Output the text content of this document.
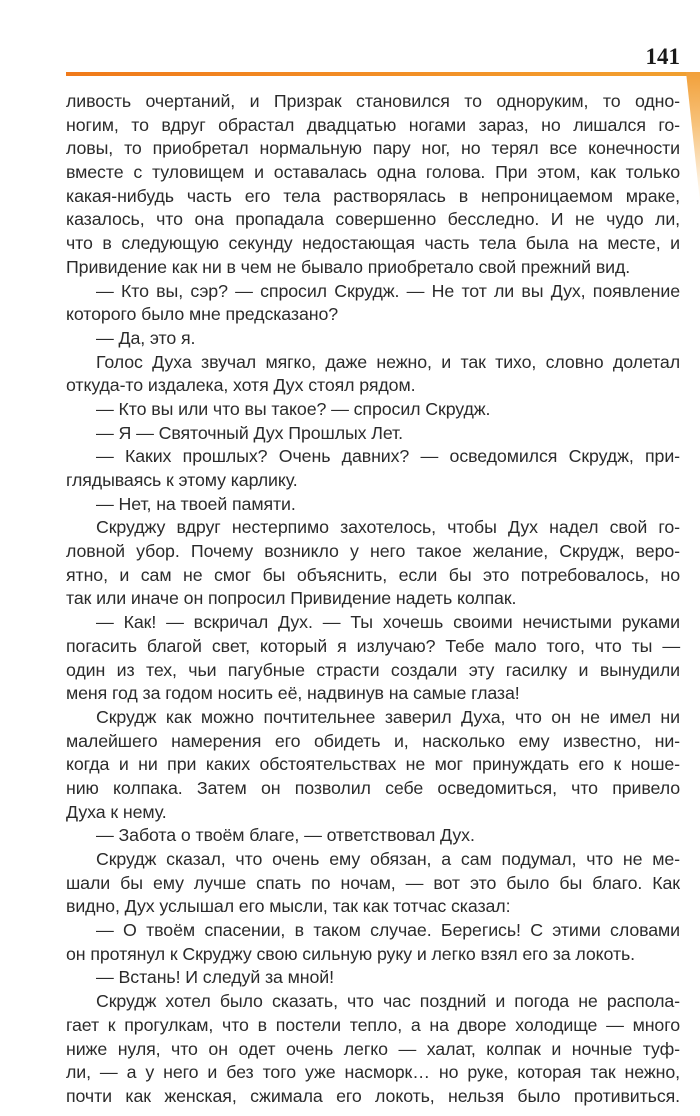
141
ливость очертаний, и Призрак становился то одноруким, то одно-
ногим, то вдруг обрастал двадцатью ногами зараз, но лишался го-
ловы, то приобретал нормальную пару ног, но терял все конечности
вместе с туловищем и оставалась одна голова. При этом, как только
какая-нибудь часть его тела растворялась в непроницаемом мраке,
казалось, что она пропадала совершенно бесследно. И не чудо ли,
что в следующую секунду недостающая часть тела была на месте, и
Привидение как ни в чем не бывало приобретало свой прежний вид.
— Кто вы, сэр? — спросил Скрудж. — Не тот ли вы Дух, появление
которого было мне предсказано?
— Да, это я.
Голос Духа звучал мягко, даже нежно, и так тихо, словно долетал
откуда-то издалека, хотя Дух стоял рядом.
— Кто вы или что вы такое? — спросил Скрудж.
— Я — Святочный Дух Прошлых Лет.
— Каких прошлых? Очень давних? — осведомился Скрудж, при-
глядываясь к этому карлику.
— Нет, на твоей памяти.
Скруджу вдруг нестерпимо захотелось, чтобы Дух надел свой го-
ловной убор. Почему возникло у него такое желание, Скрудж, веро-
ятно, и сам не смог бы объяснить, если бы это потребовалось, но
так или иначе он попросил Привидение надеть колпак.
— Как! — вскричал Дух. — Ты хочешь своими нечистыми руками
погасить благой свет, который я излучаю? Тебе мало того, что ты —
один из тех, чьи пагубные страсти создали эту гасилку и вынудили
меня год за годом носить её, надвинув на самые глаза!
Скрудж как можно почтительнее заверил Духа, что он не имел ни
малейшего намерения его обидеть и, насколько ему известно, ни-
когда и ни при каких обстоятельствах не мог принуждать его к ноше-
нию колпака. Затем он позволил себе осведомиться, что привело
Духа к нему.
— Забота о твоём благе, — ответствовал Дух.
Скрудж сказал, что очень ему обязан, а сам подумал, что не ме-
шали бы ему лучше спать по ночам, — вот это было бы благо. Как
видно, Дух услышал его мысли, так как тотчас сказал:
— О твоём спасении, в таком случае. Берегись! С этими словами
он протянул к Скруджу свою сильную руку и легко взял его за локоть.
— Встань! И следуй за мной!
Скрудж хотел было сказать, что час поздний и погода не распола-
гает к прогулкам, что в постели тепло, а на дворе холодище — много
ниже нуля, что он одет очень легко — халат, колпак и ночные туф-
ли, — а у него и без того уже насморк… но руке, которая так нежно,
почти как женская, сжимала его локоть, нельзя было противиться.
